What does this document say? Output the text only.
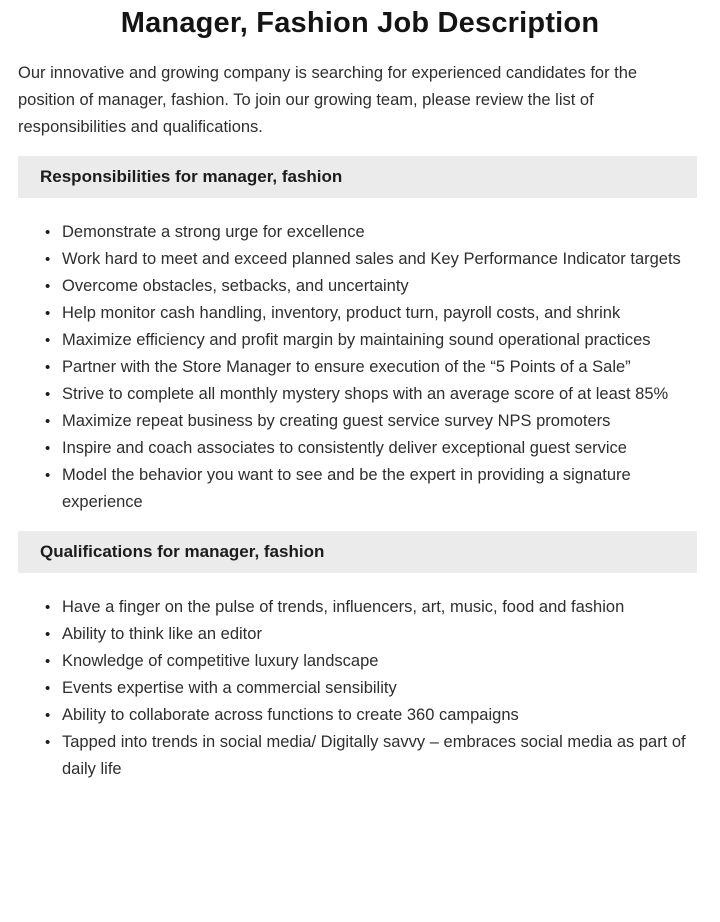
Manager, Fashion Job Description

Our innovative and growing company is searching for experienced candidates for the position of manager, fashion. To join our growing team, please review the list of responsibilities and qualifications.

Responsibilities for manager, fashion
• Demonstrate a strong urge for excellence
• Work hard to meet and exceed planned sales and Key Performance Indicator targets
• Overcome obstacles, setbacks, and uncertainty
• Help monitor cash handling, inventory, product turn, payroll costs, and shrink
• Maximize efficiency and profit margin by maintaining sound operational practices
• Partner with the Store Manager to ensure execution of the “5 Points of a Sale”
• Strive to complete all monthly mystery shops with an average score of at least 85%
• Maximize repeat business by creating guest service survey NPS promoters
• Inspire and coach associates to consistently deliver exceptional guest service
• Model the behavior you want to see and be the expert in providing a signature experience
Qualifications for manager, fashion
• Have a finger on the pulse of trends, influencers, art, music, food and fashion
• Ability to think like an editor
• Knowledge of competitive luxury landscape
• Events expertise with a commercial sensibility
• Ability to collaborate across functions to create 360 campaigns
• Tapped into trends in social media/ Digitally savvy – embraces social media as part of daily life
